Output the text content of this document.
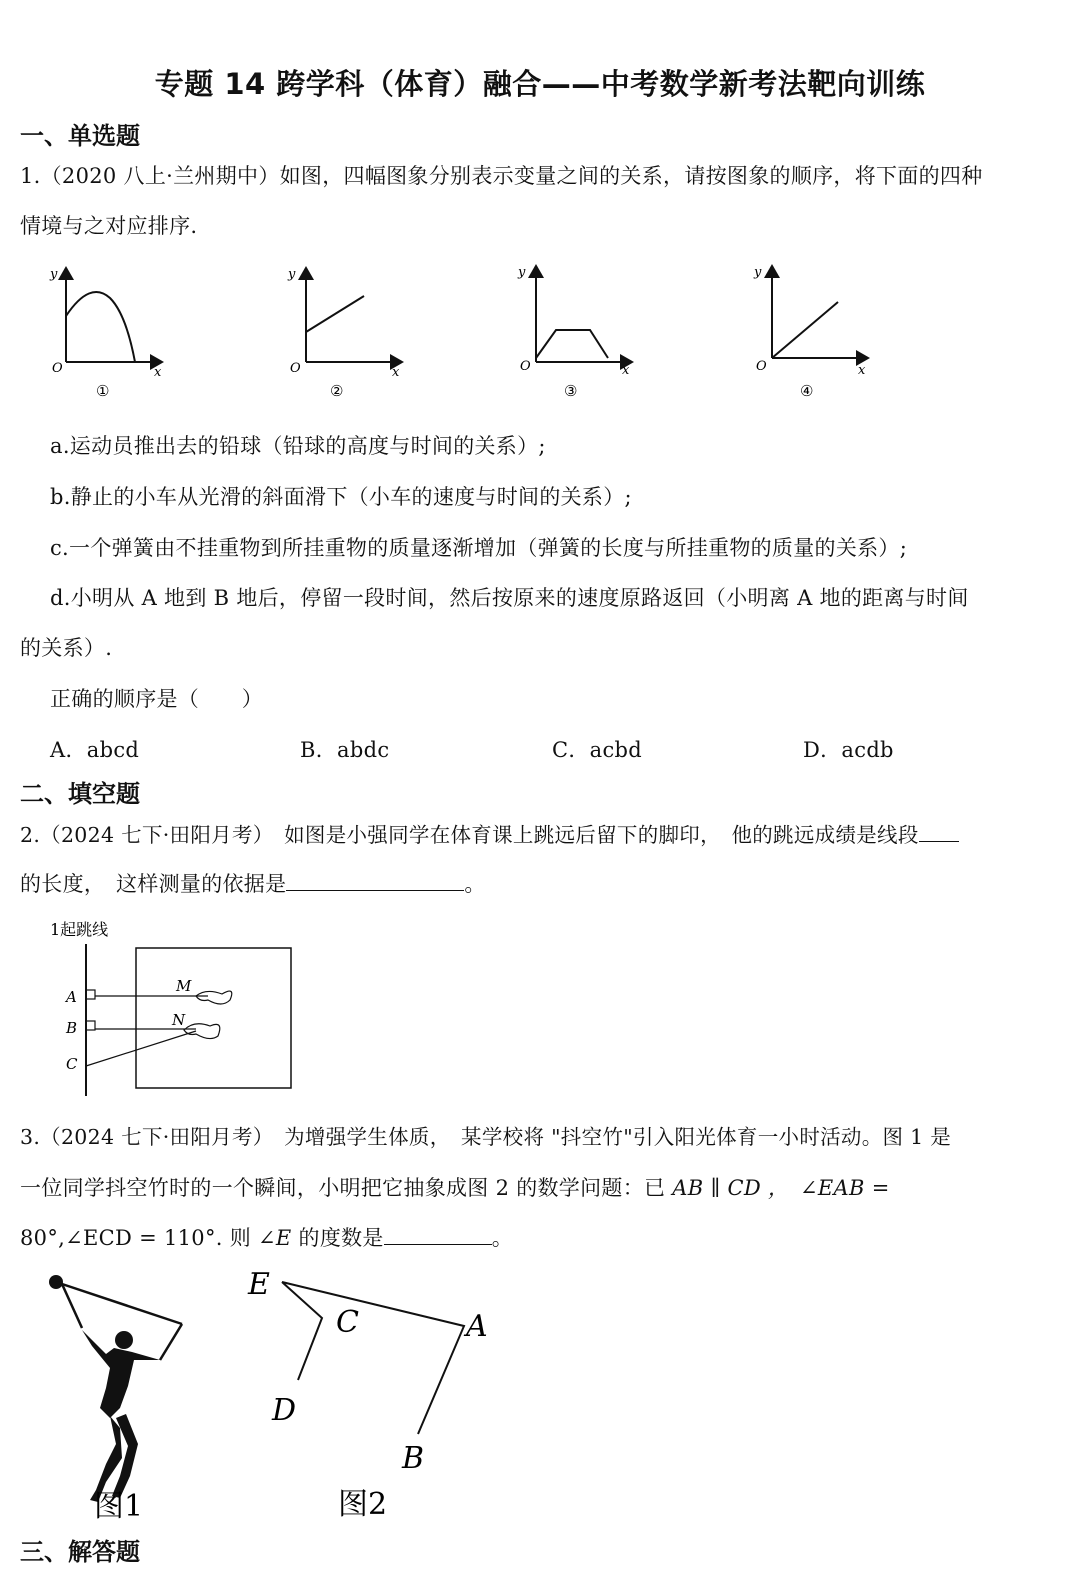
专题 14 跨学科（体育）融合——中考数学新考法靶向训练
一、单选题
1.（2020 八上·兰州期中）如图，四幅图象分别表示变量之间的关系，请按图象的顺序，将下面的四种
情境与之对应排序.
y
O	x
①
y
O	x
②
y
O	x
③
y
O	x
④
a.运动员推出去的铅球（铅球的高度与时间的关系）;
b.静止的小车从光滑的斜面滑下（小车的速度与时间的关系）;
c.一个弹簧由不挂重物到所挂重物的质量逐渐增加（弹簧的长度与所挂重物的质量的关系）;
d.小明从 A 地到 B 地后，停留一段时间，然后按原来的速度原路返回（小明离 A 地的距离与时间
的关系）.
正确的顺序是（　　）
A．abcd	B．abdc	C．acbd	D．acdb
二、填空题
2.（2024 七下·田阳月考）　如图是小强同学在体育课上跳远后留下的脚印，　他的跳远成绩是线段
的长度，　这样测量的依据是	。
1起跳线
A
B
C
M
N
3.（2024 七下·田阳月考）　为增强学生体质，　某学校将 "抖空竹"引入阳光体育一小时活动。图 1 是
一位同学抖空竹时的一个瞬间，小明把它抽象成图 2 的数学问题：已 AB ∥ CD ，　∠EAB =
80°,∠ECD = 110°. 则 ∠E 的度数是	。
图1
E
C	A
D
B
图2
三、解答题
